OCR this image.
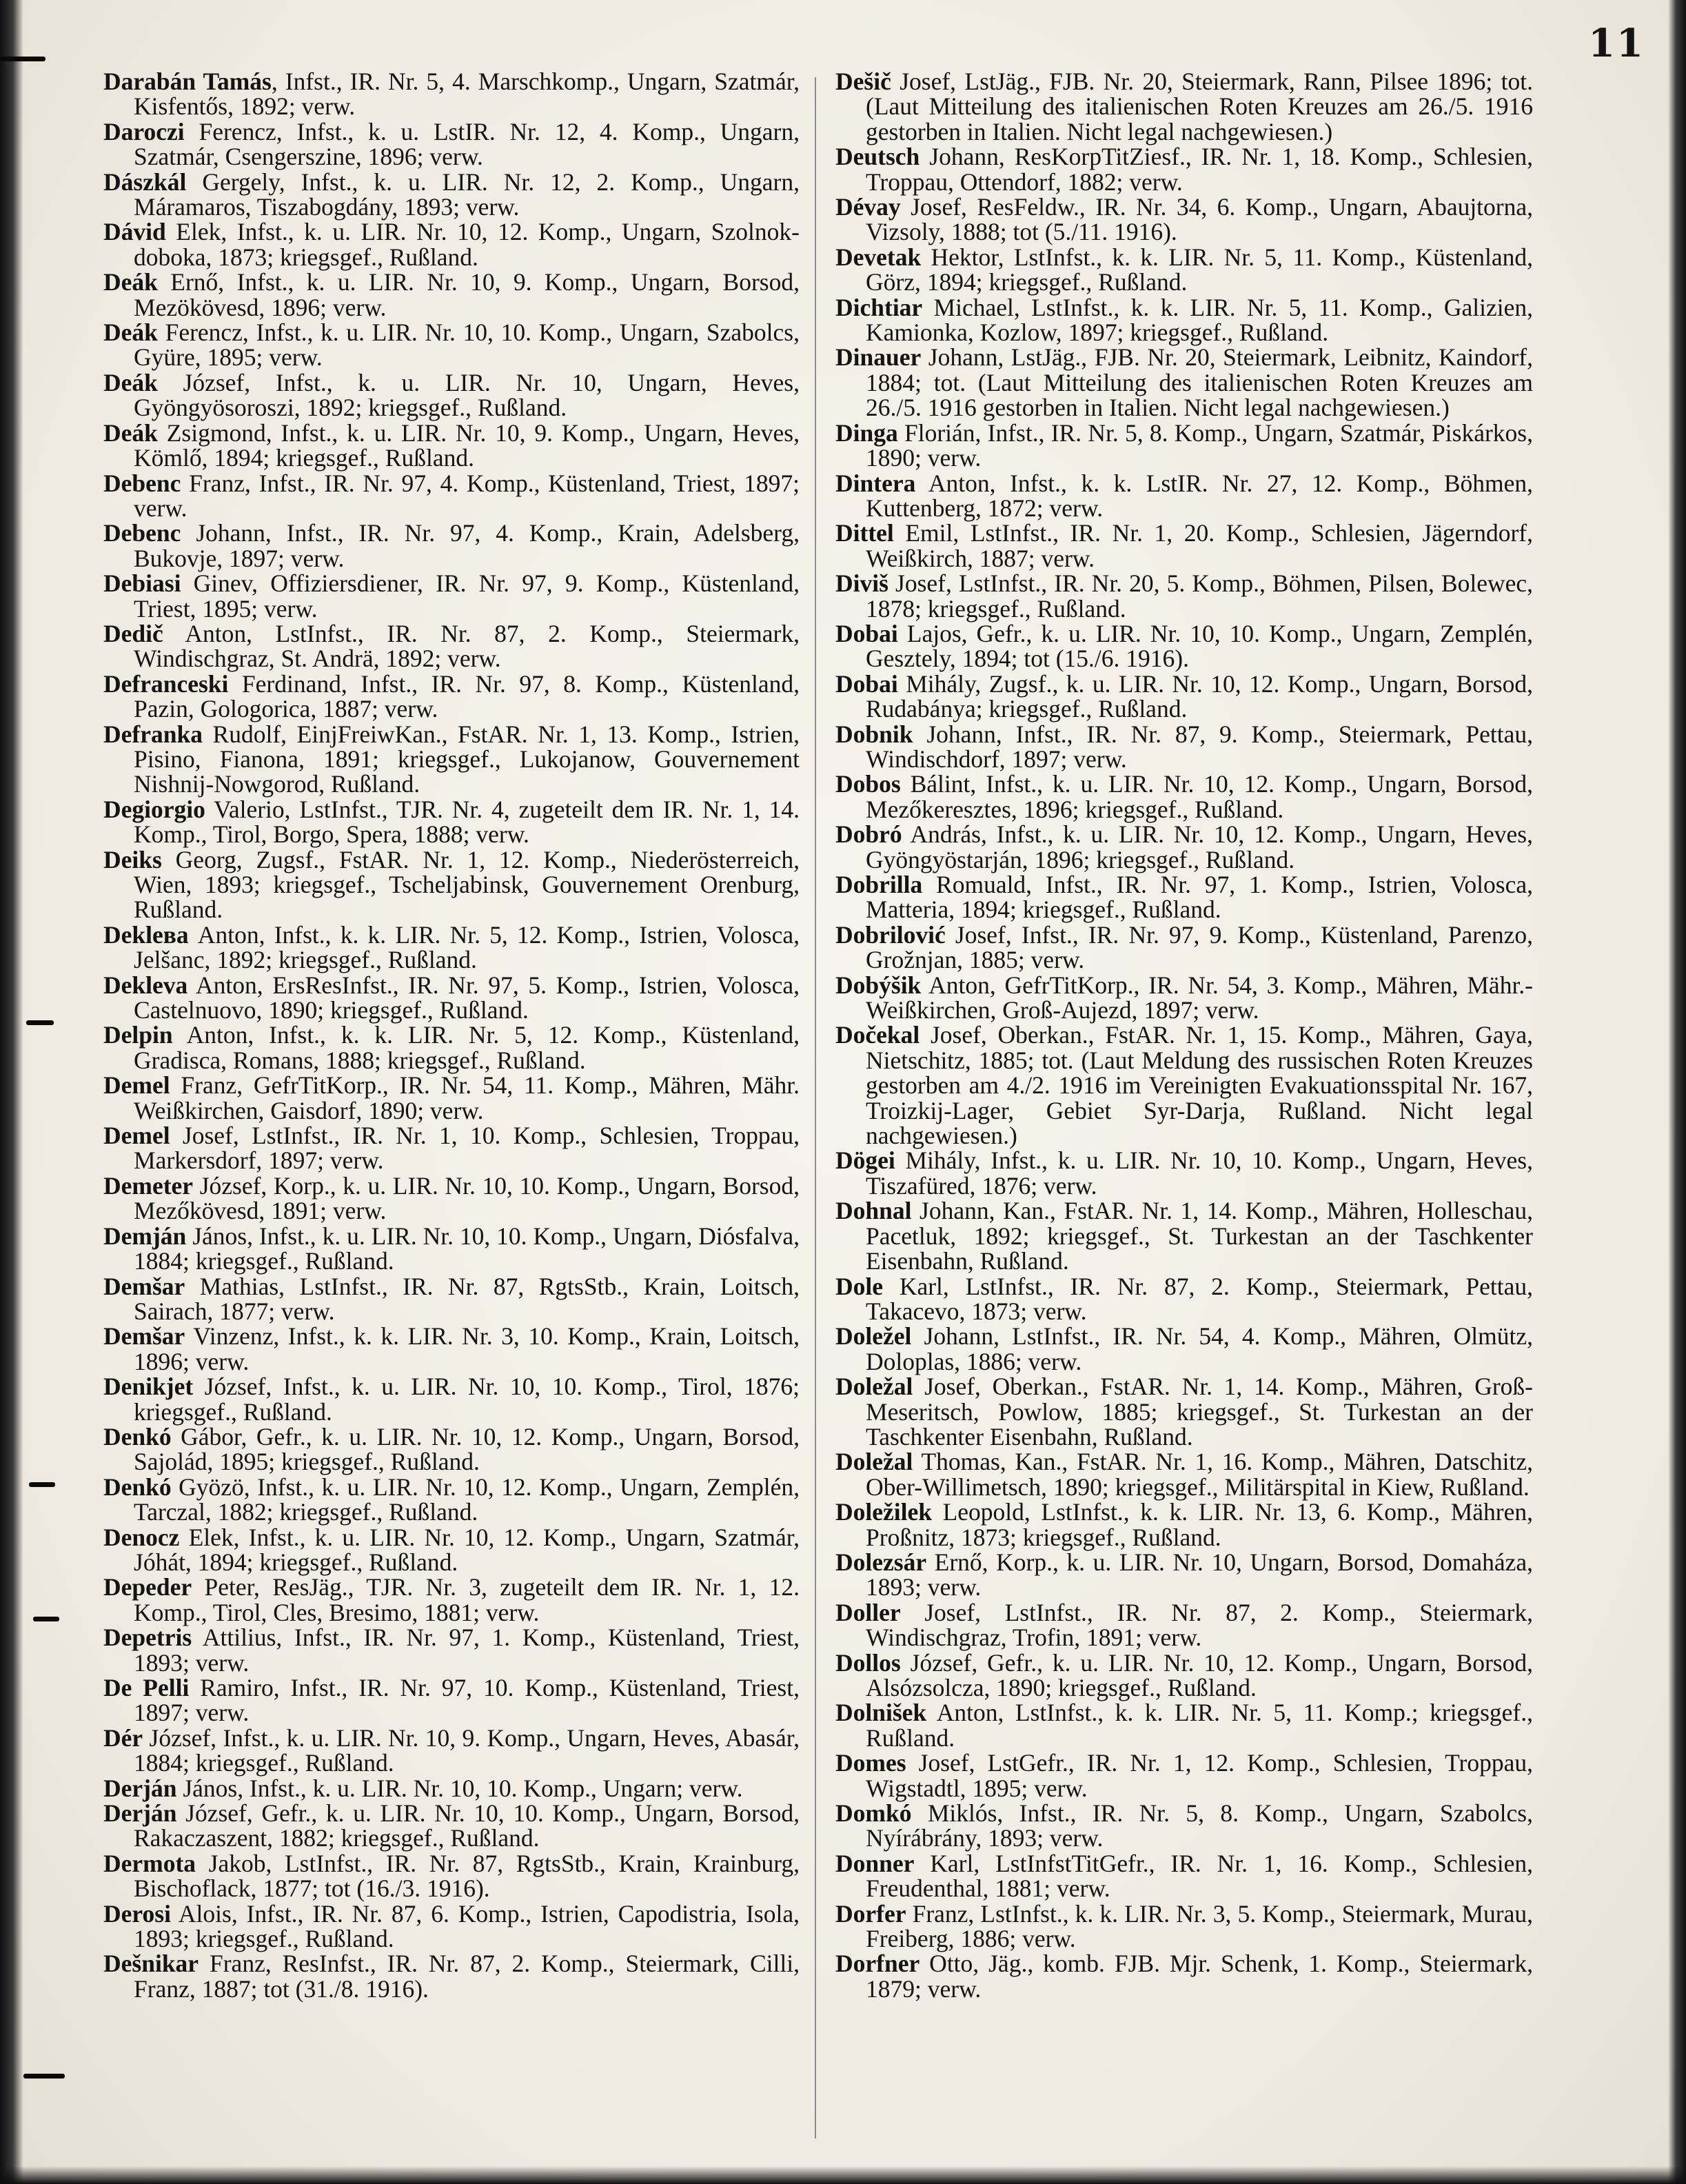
11

Darabán Tamás, Infst., IR. Nr. 5, 4. Marschkomp., Ungarn, Szatmár, Kisfentős, 1892; verw.

Daroczi Ferencz, Infst., k. u. LstIR. Nr. 12, 4. Komp., Ungarn, Szatmár, Csengerszine, 1896; verw.

Dászkál Gergely, Infst., k. u. LIR. Nr. 12, 2. Komp., Ungarn, Máramaros, Tiszabogdány, 1893; verw.

Dávid Elek, Infst., k. u. LIR. Nr. 10, 12. Komp., Ungarn, Szolnok-doboka, 1873; kriegsgef., Rußland.

Deák Ernő, Infst., k. u. LIR. Nr. 10, 9. Komp., Ungarn, Borsod, Mezökövesd, 1896; verw.

Deák Ferencz, Infst., k. u. LIR. Nr. 10, 10. Komp., Ungarn, Szabolcs, Gyüre, 1895; verw.

Deák József, Infst., k. u. LIR. Nr. 10, Ungarn, Heves, Gyöngyösoroszi, 1892; kriegsgef., Rußland.

Deák Zsigmond, Infst., k. u. LIR. Nr. 10, 9. Komp., Ungarn, Heves, Kömlő, 1894; kriegsgef., Rußland.

Debenc Franz, Infst., IR. Nr. 97, 4. Komp., Küstenland, Triest, 1897; verw.

Debenc Johann, Infst., IR. Nr. 97, 4. Komp., Krain, Adelsberg, Bukovje, 1897; verw.

Debiasi Ginev, Offiziersdiener, IR. Nr. 97, 9. Komp., Küstenland, Triest, 1895; verw.

Dedič Anton, LstInfst., IR. Nr. 87, 2. Komp., Steiermark, Windischgraz, St. Andrä, 1892; verw.

Defranceski Ferdinand, Infst., IR. Nr. 97, 8. Komp., Küstenland, Pazin, Gologorica, 1887; verw.

Defranka Rudolf, EinjFreiwKan., FstAR. Nr. 1, 13. Komp., Istrien, Pisino, Fianona, 1891; kriegsgef., Lukojanow, Gouvernement Nishnij-Nowgorod, Rußland.

Degiorgio Valerio, LstInfst., TJR. Nr. 4, zugeteilt dem IR. Nr. 1, 14. Komp., Tirol, Borgo, Spera, 1888; verw.

Deiks Georg, Zugsf., FstAR. Nr. 1, 12. Komp., Niederösterreich, Wien, 1893; kriegsgef., Tscheljabinsk, Gouvernement Orenburg, Rußland.

Deklева Anton, Infst., k. k. LIR. Nr. 5, 12. Komp., Istrien, Volosca, Jelšanc, 1892; kriegsgef., Rußland.

Dekleva Anton, ErsResInfst., IR. Nr. 97, 5. Komp., Istrien, Volosca, Castelnuovo, 1890; kriegsgef., Rußland.

Delpin Anton, Infst., k. k. LIR. Nr. 5, 12. Komp., Küstenland, Gradisca, Romans, 1888; kriegsgef., Rußland.

Demel Franz, GefrTitKorp., IR. Nr. 54, 11. Komp., Mähren, Mähr. Weißkirchen, Gaisdorf, 1890; verw.

Demel Josef, LstInfst., IR. Nr. 1, 10. Komp., Schlesien, Troppau, Markersdorf, 1897; verw.

Demeter József, Korp., k. u. LIR. Nr. 10, 10. Komp., Ungarn, Borsod, Mezőkövesd, 1891; verw.

Demján János, Infst., k. u. LIR. Nr. 10, 10. Komp., Ungarn, Diósfalva, 1884; kriegsgef., Rußland.

Demšar Mathias, LstInfst., IR. Nr. 87, RgtsStb., Krain, Loitsch, Sairach, 1877; verw.

Demšar Vinzenz, Infst., k. k. LIR. Nr. 3, 10. Komp., Krain, Loitsch, 1896; verw.

Denikjet József, Infst., k. u. LIR. Nr. 10, 10. Komp., Tirol, 1876; kriegsgef., Rußland.

Denkó Gábor, Gefr., k. u. LIR. Nr. 10, 12. Komp., Ungarn, Borsod, Sajolád, 1895; kriegsgef., Rußland.

Denkó Gyözö, Infst., k. u. LIR. Nr. 10, 12. Komp., Ungarn, Zemplén, Tarczal, 1882; kriegsgef., Rußland.

Denocz Elek, Infst., k. u. LIR. Nr. 10, 12. Komp., Ungarn, Szatmár, Jóhát, 1894; kriegsgef., Rußland.

Depeder Peter, ResJäg., TJR. Nr. 3, zugeteilt dem IR. Nr. 1, 12. Komp., Tirol, Cles, Bresimo, 1881; verw.

Depetris Attilius, Infst., IR. Nr. 97, 1. Komp., Küstenland, Triest, 1893; verw.

De Pelli Ramiro, Infst., IR. Nr. 97, 10. Komp., Küstenland, Triest, 1897; verw.

Dér József, Infst., k. u. LIR. Nr. 10, 9. Komp., Ungarn, Heves, Abasár, 1884; kriegsgef., Rußland.

Derján János, Infst., k. u. LIR. Nr. 10, 10. Komp., Ungarn; verw.

Derján József, Gefr., k. u. LIR. Nr. 10, 10. Komp., Ungarn, Borsod, Rakaczaszent, 1882; kriegsgef., Rußland.

Dermota Jakob, LstInfst., IR. Nr. 87, RgtsStb., Krain, Krainburg, Bischoflack, 1877; tot (16./3. 1916).

Derosi Alois, Infst., IR. Nr. 87, 6. Komp., Istrien, Capodistria, Isola, 1893; kriegsgef., Rußland.

Dešnikar Franz, ResInfst., IR. Nr. 87, 2. Komp., Steiermark, Cilli, Franz, 1887; tot (31./8. 1916).

Dešič Josef, LstJäg., FJB. Nr. 20, Steiermark, Rann, Pilsee 1896; tot. (Laut Mitteilung des italienischen Roten Kreuzes am 26./5. 1916 gestorben in Italien. Nicht legal nachgewiesen.)

Deutsch Johann, ResKorpTitZiesf., IR. Nr. 1, 18. Komp., Schlesien, Troppau, Ottendorf, 1882; verw.

Dévay Josef, ResFeldw., IR. Nr. 34, 6. Komp., Ungarn, Abaujtorna, Vizsoly, 1888; tot (5./11. 1916).

Devetak Hektor, LstInfst., k. k. LIR. Nr. 5, 11. Komp., Küstenland, Görz, 1894; kriegsgef., Rußland.

Dichtiar Michael, LstInfst., k. k. LIR. Nr. 5, 11. Komp., Galizien, Kamionka, Kozlow, 1897; kriegsgef., Rußland.

Dinauer Johann, LstJäg., FJB. Nr. 20, Steiermark, Leibnitz, Kaindorf, 1884; tot. (Laut Mitteilung des italienischen Roten Kreuzes am 26./5. 1916 gestorben in Italien. Nicht legal nachgewiesen.)

Dinga Florián, Infst., IR. Nr. 5, 8. Komp., Ungarn, Szatmár, Piskárkos, 1890; verw.

Dintera Anton, Infst., k. k. LstIR. Nr. 27, 12. Komp., Böhmen, Kuttenberg, 1872; verw.

Dittel Emil, LstInfst., IR. Nr. 1, 20. Komp., Schlesien, Jägerndorf, Weißkirch, 1887; verw.

Diviš Josef, LstInfst., IR. Nr. 20, 5. Komp., Böhmen, Pilsen, Bolewec, 1878; kriegsgef., Rußland.

Dobai Lajos, Gefr., k. u. LIR. Nr. 10, 10. Komp., Ungarn, Zemplén, Gesztely, 1894; tot (15./6. 1916).

Dobai Mihály, Zugsf., k. u. LIR. Nr. 10, 12. Komp., Ungarn, Borsod, Rudabánya; kriegsgef., Rußland.

Dobnik Johann, Infst., IR. Nr. 87, 9. Komp., Steiermark, Pettau, Windischdorf, 1897; verw.

Dobos Bálint, Infst., k. u. LIR. Nr. 10, 12. Komp., Ungarn, Borsod, Mezőkeresztes, 1896; kriegsgef., Rußland.

Dobró András, Infst., k. u. LIR. Nr. 10, 12. Komp., Ungarn, Heves, Gyöngyöstarján, 1896; kriegsgef., Rußland.

Dobrilla Romuald, Infst., IR. Nr. 97, 1. Komp., Istrien, Volosca, Matteria, 1894; kriegsgef., Rußland.

Dobrilović Josef, Infst., IR. Nr. 97, 9. Komp., Küstenland, Parenzo, Grožnjan, 1885; verw.

Dobýšik Anton, GefrTitKorp., IR. Nr. 54, 3. Komp., Mähren, Mähr.-Weißkirchen, Groß-Aujezd, 1897; verw.

Dočekal Josef, Oberkan., FstAR. Nr. 1, 15. Komp., Mähren, Gaya, Nietschitz, 1885; tot. (Laut Meldung des russischen Roten Kreuzes gestorben am 4./2. 1916 im Vereinigten Evakuationsspital Nr. 167, Troizkij-Lager, Gebiet Syr-Darja, Rußland. Nicht legal nachgewiesen.)

Dögei Mihály, Infst., k. u. LIR. Nr. 10, 10. Komp., Ungarn, Heves, Tiszafüred, 1876; verw.

Dohnal Johann, Kan., FstAR. Nr. 1, 14. Komp., Mähren, Holleschau, Pacetluk, 1892; kriegsgef., St. Turkestan an der Taschkenter Eisenbahn, Rußland.

Dole Karl, LstInfst., IR. Nr. 87, 2. Komp., Steiermark, Pettau, Takacevo, 1873; verw.

Doležel Johann, LstInfst., IR. Nr. 54, 4. Komp., Mähren, Olmütz, Doloplas, 1886; verw.

Doležal Josef, Oberkan., FstAR. Nr. 1, 14. Komp., Mähren, Groß-Meseritsch, Powlow, 1885; kriegsgef., St. Turkestan an der Taschkenter Eisenbahn, Rußland.

Doležal Thomas, Kan., FstAR. Nr. 1, 16. Komp., Mähren, Datschitz, Ober-Willimetsch, 1890; kriegsgef., Militärspital in Kiew, Rußland.

Doležilek Leopold, LstInfst., k. k. LIR. Nr. 13, 6. Komp., Mähren, Proßnitz, 1873; kriegsgef., Rußland.

Dolezsár Ernő, Korp., k. u. LIR. Nr. 10, Ungarn, Borsod, Domaháza, 1893; verw.

Doller Josef, LstInfst., IR. Nr. 87, 2. Komp., Steiermark, Windischgraz, Trofin, 1891; verw.

Dollos József, Gefr., k. u. LIR. Nr. 10, 12. Komp., Ungarn, Borsod, Alsózsolcza, 1890; kriegsgef., Rußland.

Dolnišek Anton, LstInfst., k. k. LIR. Nr. 5, 11. Komp.; kriegsgef., Rußland.

Domes Josef, LstGefr., IR. Nr. 1, 12. Komp., Schlesien, Troppau, Wigstadtl, 1895; verw.

Domkó Miklós, Infst., IR. Nr. 5, 8. Komp., Ungarn, Szabolcs, Nyírábrány, 1893; verw.

Donner Karl, LstInfstTitGefr., IR. Nr. 1, 16. Komp., Schlesien, Freudenthal, 1881; verw.

Dorfer Franz, LstInfst., k. k. LIR. Nr. 3, 5. Komp., Steiermark, Murau, Freiberg, 1886; verw.

Dorfner Otto, Jäg., komb. FJB. Mjr. Schenk, 1. Komp., Steiermark, 1879; verw.
